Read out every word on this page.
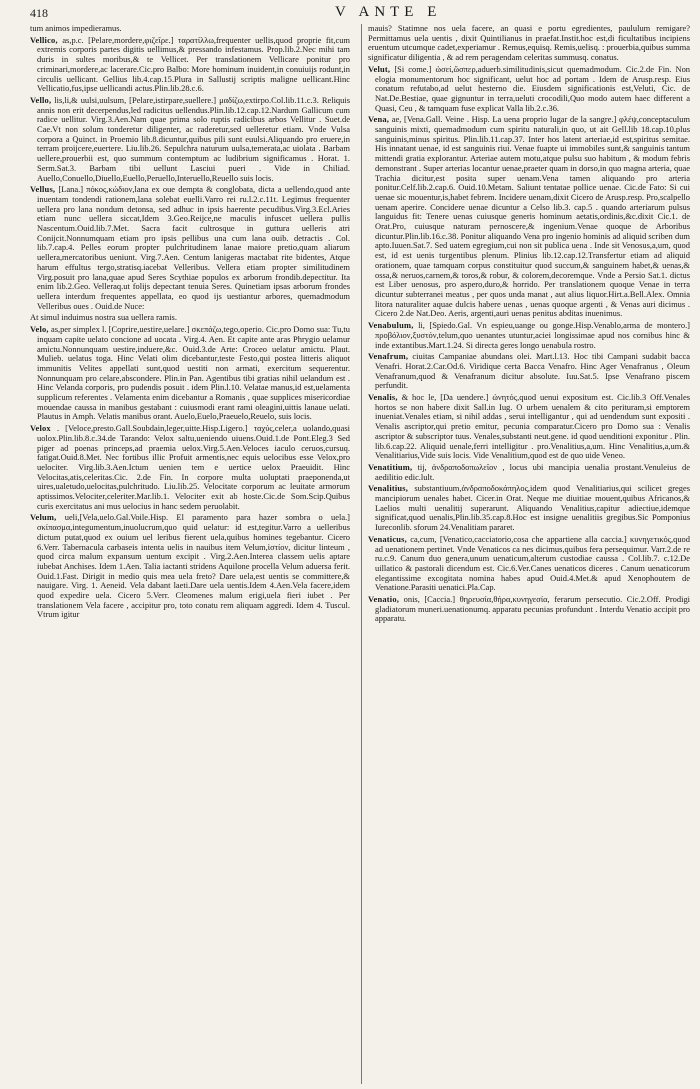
418	V ANTE E

tum animos impedieramus.

Vellico, as,p.c. [Pelare,mordere,φιζεῖρε.] ταρατίλλω,frequenter uellis,quod proprie fit,cum extremis corporis partes digitis uellimus,& pressando infestamus. Prop.lib.2.Nec mihi tam duris in sultes moribus,& te Vellicet. Per translationem Vellicare ponitur pro criminari,mordere,ac lacerare.Cic.pro Balbo: More hominum inuident,in conuiuijs rodunt,in circulis uellicant. Gellius lib.4.cap.15.Plura in Sallustij scriptis maligne uellicant.Hinc Vellicatio,fus,ipse uellicandi actus.Plin.lib.28.c.6.

Vello, lis,li,& uulsi,uulsum, [Pelare,istirpare,suellere.] μαδίζω,extirpo.Col.lib.11.c.3. Reliquis annis non erit decerpendus,led radicitus uellendus.Plin.lib.12.cap.12.Nardum Gallicum cum radice uellitur. Virg.3.Aen.Nam quae prima solo ruptis radicibus arbos Vellitur . Suet.de Cae.Vt non solum tonderetur diligenter, ac raderetur,sed uelleretur etiam. Vnde Vulsa corpora a Quinct. in Proemio lib.8.dicuntur,quibus pili sunt euulsi.Aliquando pro eruere,in terram proijcere,euertere. Liu.lib.26. Sepulchra naturum uulsa,temerata,ac uiolata . Barbam uellere,prouerbii est, quo summum contemptum ac ludibrium significamus . Horat. 1. Serm.Sat.3. Barbam tibi uellunt Lasciui pueri . Vide in Chiliad. Auello,Conuello,Diuello,Euello,Peruello,Interuello,Reuello suis locis.

Vellus, [Lana.] πόκος,κώδιον,lana ex oue dempta & conglobata, dicta a uellendo,quod ante inuentam tondendi rationem,lana solebat euelli.Varro rei ru.l.2.c.11t. Legimus frequenter uellera pro lana nondum detonsa, sed adhuc in ipsis haerente pecudibus.Virg.3.Ecl.Aries etiam nunc uellera siccat,Idem 3.Geo.Reijce,ne maculis infuscet uellera pullis Nascentum.Ouid.lib.7.Met. Sacra facit cultrosque in guttura uelleris atri Conijcit.Nonnumquam etiam pro ipsis pellibus una cum lana ouib. detractis . Col. lib.7.cap.4. Pelles eorum propter pulchritudinem lanae maiore pretio,quam aliarum uellera,mercatoribus ueniunt. Virg.7.Aen. Centum lanigeras mactabat rite bidentes, Atque harum effultus tergo,stratisq.iacebat Velleribus. Vellera etiam propter similitudinem Virg.posuit pro lana,quae apud Seres Scythiae populos ex arborum frondib.depectitur. Ita enim lib.2.Geo. Velleraq.ut folijs depectant tenuia Seres. Quinetiam ipsas arborum frondes uellera interdum frequentes appellata, eo quod ijs uestiantur arbores, quemadmodum Velleribus oues . Ouid.de Nuce:

At simul induimus nostra sua uellera ramis.

Velo, as,per simplex l. [Coprire,uestire,uelare.] σκεπάζω,tego,operio. Cic.pro Domo sua: Tu,tu inquam capite uelato concione ad uocata . Virg.4. Aen. Et capite ante aras Phrygio uelamur amictu.Nonnunquam uestire,induere,&c. Ouid.3.de Arte: Croceo uelatur amictu. Plaut. Mulieb. uelatus toga. Hinc Velati olim dicebantur,teste Festo,qui postea litteris aliquot immunitis Velites appellati sunt,quod uestiti non armati, exercitum sequerentur. Nonnunquam pro celare,abscondere. Plin.in Pan. Agentibus tibi gratias nihil uelandum est . Hinc Velanda corporis, pro pudendis posuit . idem Plin.l.10. Velatae manus,id est,uelamenta supplicum referentes . Velamenta enim dicebantur a Romanis , quae supplices misericordiae mouendae caussa in manibus gestabant : cuiusmodi erant rami oleagini,uittis lanaue uelati. Plautus in Amph. Velatis manibus orant. Auelo,Euelo,Praeuelo,Reuelo, suis locis.

Velox . [Veloce,presto.Gall.Soubdain,leger,uitte.Hisp.Ligero.] ταχύς,celer,a uolando,quasi uolox.Plin.lib.8.c.34.de Tarando: Velox saltu,ueniendo uiuens.Ouid.1.de Pont.Eleg.3 Sed piger ad poenas princeps,ad praemia uelox.Virg.5.Aen.Veloces iaculo ceruos,cursuq. fatigat.Ouid.8.Met. Nec fortibus illic Profuit armentis,nec equis uelocibus esse Velox,pro uelociter. Virg.lib.3.Aen.Ictum uenien tem e uertice uelox Praeuidit. Hinc Velocitas,atis,celeritas.Cic. 2.de Fin. In corpore multa uoluptati praeponenda,ut uires,ualetudo,uelocitas,pulchritudo. Liu.lib.25. Velocitate corporum ac leuitate armorum aptissimos.Velociter,celeriter.Mar.lib.1. Velociter exit ab hoste.Cic.de Som.Scip.Quibus curis exercitatus ani mus uelocius in hanc sedem peruolabit.

Velum, ueli,[Vela,uelo.Gal.Voile.Hisp. El paramento para hazer sombra o uela.] σκίπασμα,integumentum,inuolucrum,quo quid uelatur: id est,tegitur.Varro a uelleribus dictum putat,quod ex ouium uel leribus fierent uela,quibus homines tegebantur. Cicero 6.Verr. Tabernacula carbaseis intenta uelis in nauibus item Velum,ἱστίον, dicitur linteum , quod circa malum expansum uentum excipit . Virg.2.Aen.Interea classem uelis aptare iubebat Anchises. Idem 1.Aen. Talia iactanti stridens Aquilone procella Velum aduersa ferit. Ouid.1.Fast. Dirigit in medio quis mea uela freto? Dare uela,est uentis se committere,& nauigare. Virg. 1. Aeneid. Vela dabant laeti.Dare uela uentis.Idem 4.Aen.Vela facere,idem quod expedire uela. Cicero 5.Verr. Cleomenes malum erigi,uela fieri iubet . Per translationem Vela facere , accipitur pro, toto conatu rem aliquam aggredi. Idem 4. Tuscul. Vtrum igitur

mauis? Statimne nos uela facere, an quasi e portu egredientes, paululum remigare? Permittamus uela uentis , dixit Quintilianus in praefat.Instit.hoc est,di ficultatibus incipiens eruentum utcumque cadet,experiamur . Remus,equisq. Remis,uelisq. : prouerbia,quibus summa significatur diligentia , & ad rem peragendam celeritas summusq. conatus.

Velut, [Si come.] ὡσεί,ὥσπερ,aduerb.similitudinis,sicut quemadmodum. Cic.2.de Fin. Non elogia monumentorum hoc significant, uelut hoc ad portam . Idem de Arusp.resp. Eius conatum refutabo,ad uelut hesterno die. Eiusdem significationis est,Veluti, Cic. de Nat.De.Bestiae, quae gignuntur in terra,ueluti crocodili,Quo modo autem haec different a Quasi, Ceu , & tamquam fuse explicat Valla lib.2.c.36.

Vena, ae, [Vena.Gall. Veine . Hisp. La uena proprio lugar de la sangre.] φλέψ,conceptaculum sanguinis mixti, quemadmodum cum spiritu naturali,in quo, ut ait Gell.lib 18.cap.10.plus sanguinis,minus spiritus. Plin.lib.11.cap.37. Inter hos latent arteriae,id est,spiritus semitae. His innatant uenae, id est sanguinis riui. Venae fuapte ui immobiles sunt,& sanguinis tantum mittendi gratia explorantur. Arteriae autem motu,atque pulsu suo habitum , & modum febris demonstrant . Super arterias locantur uenae,praeter quam in dorso,in quo magna arteria, quae Trachia dicitur,est posita super uenam.Vena tamen aliquando pro arteria ponitur.Celf.lib.2.cap.6. Ouid.10.Metam. Saliunt tentatae pollice uenae. Cic.de Fato: Si cui uenae sic mouentur,is,habet febrem. Inciderе uenam,dixit Cicero de Arusp.resp. Pro,scalpello uenam aperire. Concidere uenae dicuntur a Celso lib.3. cap.5 . quando arteriarum pulsus languidus fit: Tenere uenas cuiusque generis hominum aetatis,ordinis,&c.dixit Cic.1. de Orat.Pro, cuiusque naturam pernoscere,& ingenium.Venae quoque de Arboribus dicuntur.Plin.lib.16.c.38. Ponitur aliquando Vena pro ingenio hominis ad aliquid scriben dum apto.Iuuen.Sat.7. Sed uatem egregium,cui non sit publica uena . Inde sit Venosus,a,um, quod est, id est uenis turgentibus plenum. Plinius lib.12.cap.12.Transfertur etiam ad aliquid orationem, quae tamquam corpus constituitur quod succum,& sanguinem habet,& uenas,& ossa,& neruos,carnem,& toros,& robur, & colorem,decoremque. Vnde a Persio Sat.1. dictus est Liber uenosus, pro aspero,duro,& horrido. Per translationem quoque Venae in terra dicuntur subterranei meatus , per quos unda manat , aut alius liquor.Hirt.a.Bell.Alex. Omnia litora naturaliter aquae dulcis habere uenas , uenas quoque argenti , & Venas auri dicimus . Cicero 2.de Nat.Deo. Aeris, argenti,auri uenas penitus abditas inuenimus.

Venabulum, li, [Spiedo.Gal. Vn espieu,uange ou gonge.Hisp.Venablo,arma de montero.] προβόλιον,ξυστόν,telum,quo uenantes utuntur,aciei longissimae apud nos cornibus hinc & inde extantibus.Mart.1.24. Si directa geres longo uenabula rostro.

Venafrum, ciuitas Campaniae abundans olei. Mart.l.13. Hoc tibi Campani sudabit bacca Venafri. Horat.2.Car.Od.6. Viridique certa Bacca Venafro. Hinc Ager Venafranus , Oleum Venafranum,quod & Venafranum dicitur absolute. Iuu.Sat.5. Ipse Venafrano piscem perfundit.

Venalis, & hoc le, [Da uendere.] ὠνητός,quod uenui expositum est. Cic.lib.3 Off.Venales hortos se non habere dixit Sall.in Iug. O urbem uenalem & cito perituram,si emptorem inueniat.Venales etiam, si nihil addas , serui intelligantur , qui ad uendendum sunt expositi . Venalis ascriptor,qui pretio emitur, pecunia comparatur.Cicero pro Domo sua : Venalis ascriptor & subscriptor tuus. Venales,substanti neut.gene. id quod uenditioni exponitur . Plin. lib.6.cap.22. Aliquid uenale,ferri intelligitur . pro.Venalitius,a,um. Hinc Venalitius,a,um.& Venalitiarius,Vide suis locis. Vide Venalitium,quod est de quo uide Veneo.

Venatitium, tij, ἀνδραποδοπωλεῖον , locus ubi mancipia uenalia prostant.Venuleius de aedilitio edic.lult.

Venalitius, substantiuum,ἀνδραποδοκάπηλος,idem quod Venalitiarius,qui scilicet greges mancipiorum uenales habet. Cicer.in Orat. Neque me diuitiae mouent,quibus Africanos,& Laelios multi uenalitij superarunt. Aliquando Venalitius,capitur adiectiue,idemque significat,quod uenalis,Plin.lib.35.cap.8.Hoc est insigne uenalitiis gregibus.Sic Pomponius Iureconlib. sforum 24.Venalitiam pararet.

Venaticus, ca,cum, [Venatico,cacciatorio,cosa che appartiene alla caccia.] κυνηγετικός,quod ad uenationem pertinet. Vnde Venaticos ca nes dicimus,quibus fera persequimur. Varr.2.de re ru.c.9. Canum duo genera,unum uenaticum,alterum custodiae caussa . Col.lib.7. c.12.De uillatico & pastorali dicendum est. Cic.6.Ver.Canes uenaticos diceres . Canum uenaticorum elegantissime excogitata nomina habes apud Ouid.4.Met.& apud Xenophoutem de Venatione.Parasiti uenatici.Pla.Cap.

Venatio, onis, [Caccia.] θηρευσία,θήρα,κυνηγεσία, ferarum persecutio. Cic.2.Off. Prodigi gladiatorum muneri.uenationumq. apparatu pecunias profundunt . Interdu Venatio accipit pro apparatu.
